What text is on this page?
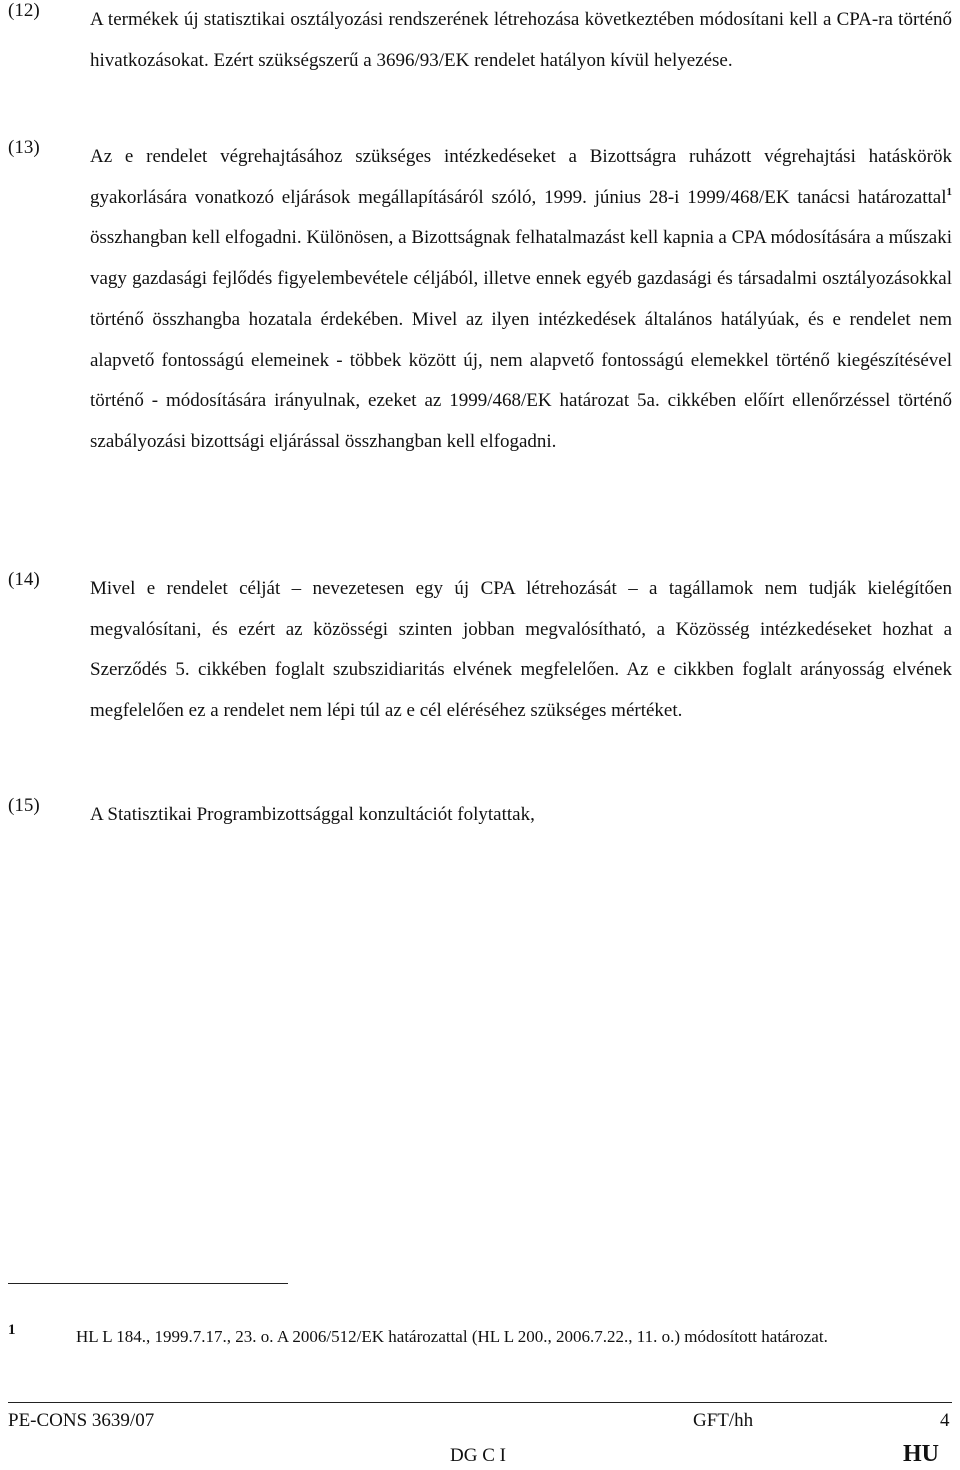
(12)	A termékek új statisztikai osztályozási rendszerének létrehozása következtében módosítani kell a CPA-ra történő hivatkozásokat. Ezért szükségszerű a 3696/93/EK rendelet hatályon kívül helyezése.
(13)	Az e rendelet végrehajtásához szükséges intézkedéseket a Bizottságra ruházott végrehajtási hatáskörök gyakorlására vonatkozó eljárások megállapításáról szóló, 1999. június 28-i 1999/468/EK tanácsi határozattal$^1$ összhangban kell elfogadni. Különösen, a Bizottságnak felhatalmazást kell kapnia a CPA módosítására a műszaki vagy gazdasági fejlődés figyelembevétele céljából, illetve ennek egyéb gazdasági és társadalmi osztályozásokkal történő összhangba hozatala érdekében. Mivel az ilyen intézkedések általános hatályúak, és e rendelet nem alapvető fontosságú elemeinek - többek között új, nem alapvető fontosságú elemekkel történő kiegészítésével történő - módosítására irányulnak, ezeket az 1999/468/EK határozat 5a. cikkében előírt ellenőrzéssel történő szabályozási bizottsági eljárással összhangban kell elfogadni.
(14)	Mivel e rendelet célját – nevezetesen egy új CPA létrehozását – a tagállamok nem tudják kielégítően megvalósítani, és ezért az közösségi szinten jobban megvalósítható, a Közösség intézkedéseket hozhat a Szerződés 5. cikkében foglalt szubszidiaritás elvének megfelelően. Az e cikkben foglalt arányosság elvének megfelelően ez a rendelet nem lépi túl az e cél eléréséhez szükséges mértéket.
(15)	A Statisztikai Programbizottsággal konzultációt folytattak,
1	HL L 184., 1999.7.17., 23. o. A 2006/512/EK határozattal (HL L 200., 2006.7.22., 11. o.) módosított határozat.
PE-CONS 3639/07	GFT/hh	4
DG C I	HU
